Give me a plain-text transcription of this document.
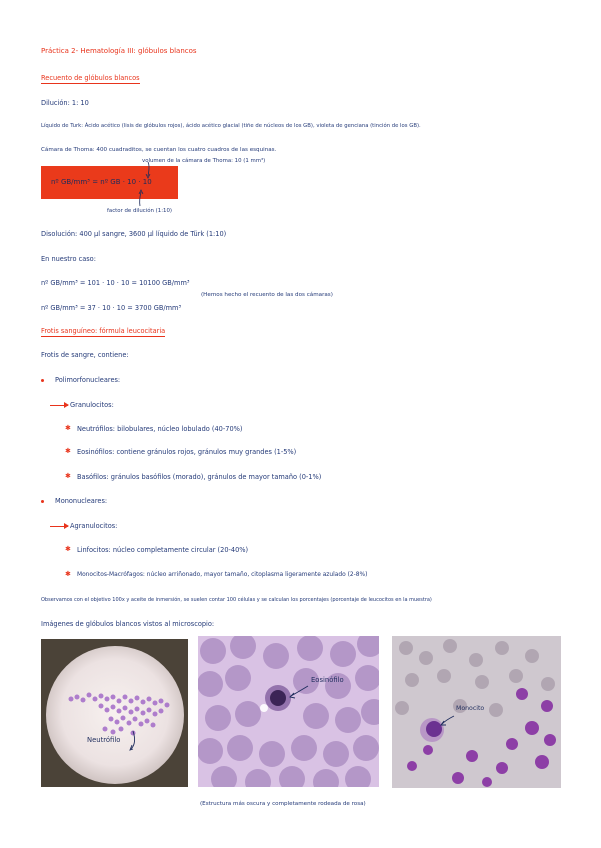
Práctica 2- Hematología III: glóbulos blancos
Recuento de glóbulos blancos
Dilución: 1: 10
Líquido de Turk: Ácido acético (lisis de glóbulos rojos), ácido acético glacial (tiñe de núcleos de los GB), violeta de genciana (tinción de los GB).
Cámara de Thoma: 400 cuadraditos, se cuentan los cuatro cuadros de las esquinas.
volumen de la cámara de Thoma: 10 (1 mm³)
nº GB/mm³ = nº GB · 10 · 10
factor de dilución (1:10)
Disolución: 400 μl sangre, 3600 μl líquido de Türk (1:10)
En nuestro caso:
nº GB/mm³ = 101 · 10 · 10 = 10100 GB/mm³
(Hemos hecho el recuento de las dos cámaras)
nº GB/mm³ = 37 · 10 · 10 = 3700 GB/mm³
Frotis sanguíneo: fórmula leucocitaria
Frotis de sangre, contiene:
Polimorfonucleares:
Granulocitos:
✱ Neutrófilos: bilobulares, núcleo lobulado (40-70%)
✱ Eosinófilos: contiene gránulos rojos, gránulos muy grandes (1-5%)
✱ Basófilos: gránulos basófilos (morado), gránulos de mayor tamaño (0-1%)
Mononucleares:
Agranulocitos:
✱ Linfocitos: núcleo completamente circular (20-40%)
✱ Monocitos-Macrófagos: núcleo arriñonado, mayor tamaño, citoplasma ligeramente azulado (2-8%)
Observamos con el objetivo 100x y aceite de inmersión, se suelen contar 100 células y se calculan los porcentajes (porcentaje de leucocitos en la muestra)
Imágenes de glóbulos blancos vistos al microscopio:
Neutrófilo
Eosinófilo
Monocito
(Estructura más oscura y completamente rodeada de rosa)
